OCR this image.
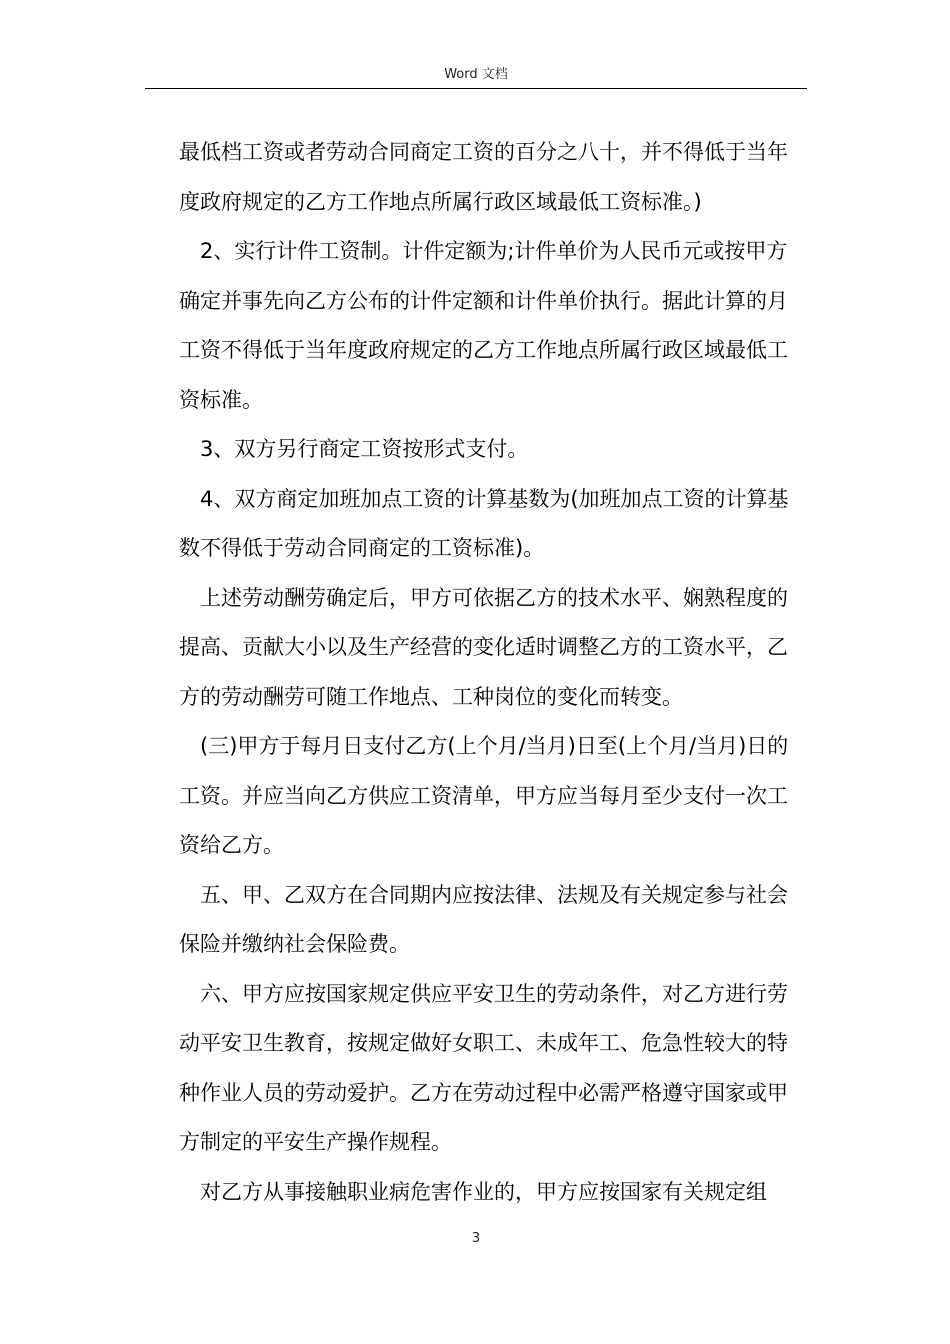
Word 文档

最低档工资或者劳动合同商定工资的百分之八十，并不得低于当年度政府规定的乙方工作地点所属行政区域最低工资标准。)

2、实行计件工资制。计件定额为;计件单价为人民币元或按甲方确定并事先向乙方公布的计件定额和计件单价执行。据此计算的月工资不得低于当年度政府规定的乙方工作地点所属行政区域最低工资标准。

3、双方另行商定工资按形式支付。

4、双方商定加班加点工资的计算基数为(加班加点工资的计算基数不得低于劳动合同商定的工资标准)。

上述劳动酬劳确定后，甲方可依据乙方的技术水平、娴熟程度的提高、贡献大小以及生产经营的变化适时调整乙方的工资水平，乙方的劳动酬劳可随工作地点、工种岗位的变化而转变。

(三)甲方于每月日支付乙方(上个月/当月)日至(上个月/当月)日的工资。并应当向乙方供应工资清单，甲方应当每月至少支付一次工资给乙方。

五、甲、乙双方在合同期内应按法律、法规及有关规定参与社会保险并缴纳社会保险费。

六、甲方应按国家规定供应平安卫生的劳动条件，对乙方进行劳动平安卫生教育，按规定做好女职工、未成年工、危急性较大的特种作业人员的劳动爱护。乙方在劳动过程中必需严格遵守国家或甲方制定的平安生产操作规程。

对乙方从事接触职业病危害作业的，甲方应按国家有关规定组

3
